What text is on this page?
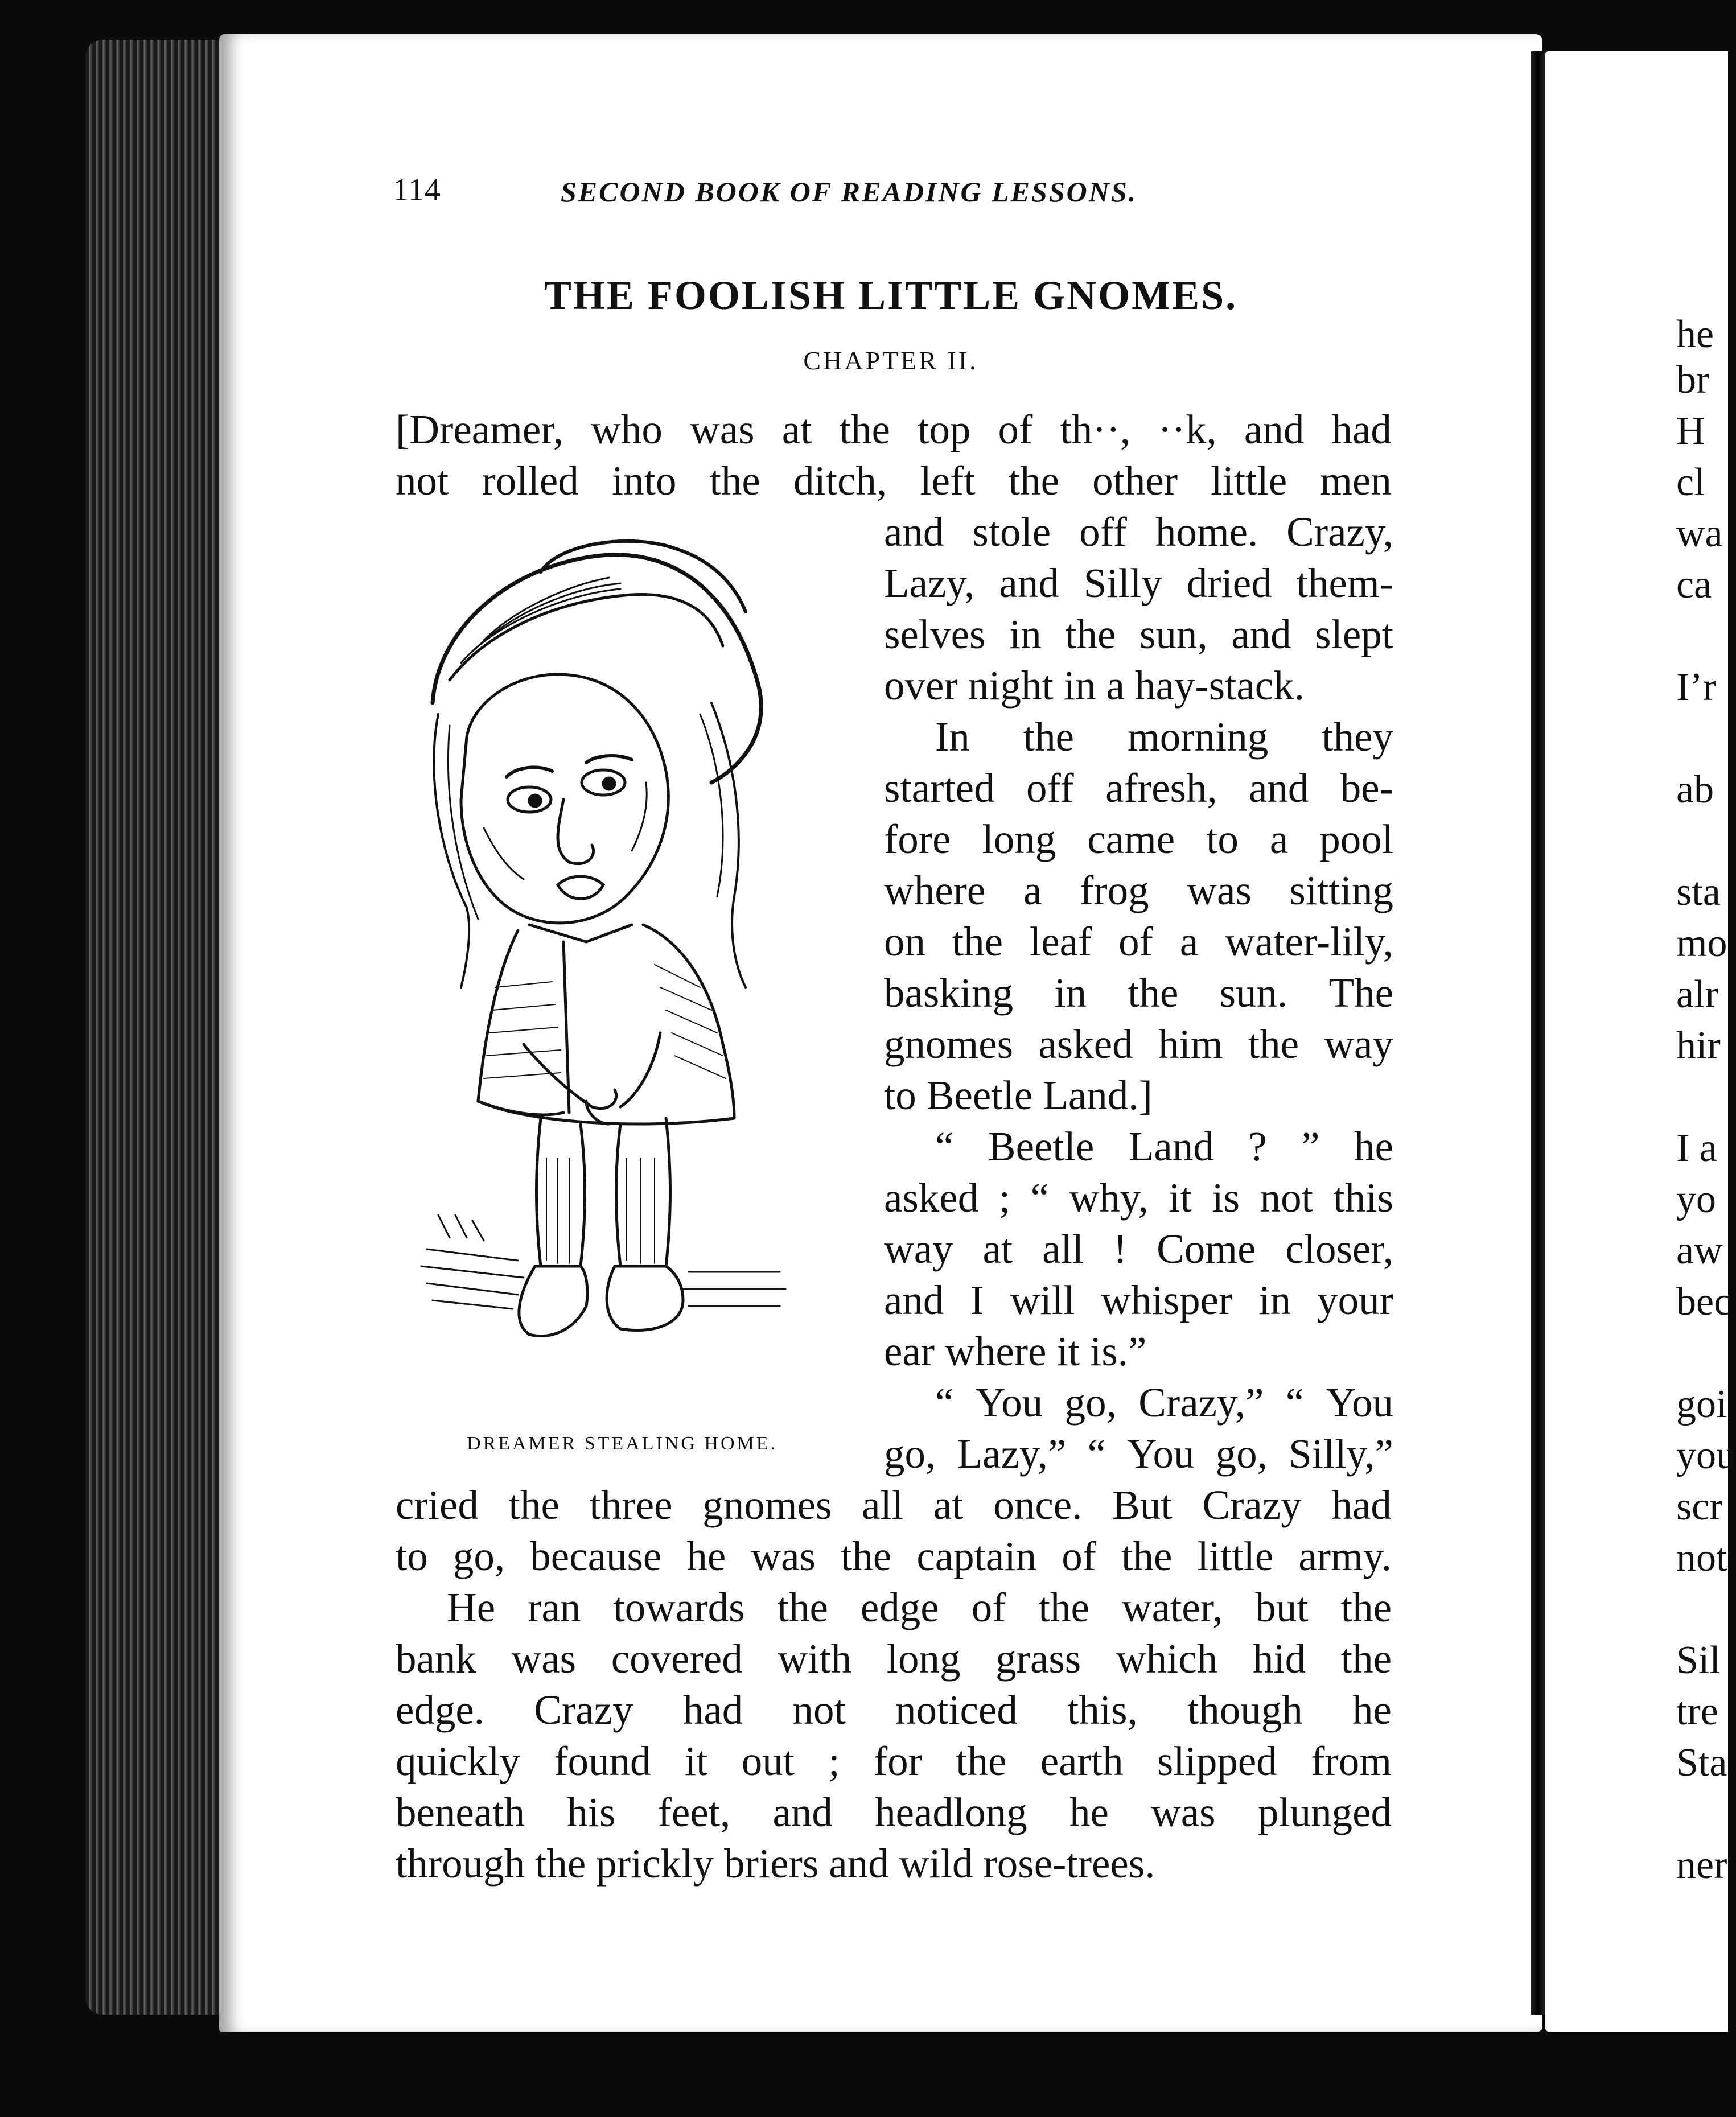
114	SECOND BOOK OF READING LESSONS.
THE FOOLISH LITTLE GNOMES.
CHAPTER II.
[Dreamer, who was at the top of th··, ··k, and had
not rolled into the ditch, left the other little men
and stole off home. Crazy,
Lazy, and Silly dried them-
selves in the sun, and slept
over night in a hay-stack.
In the morning they
started off afresh, and be-
fore long came to a pool
where a frog was sitting
on the leaf of a water-lily,
basking in the sun. The
gnomes asked him the way
to Beetle Land.]
“ Beetle Land ? ” he
asked ; “ why, it is not this
way at all ! Come closer,
and I will whisper in your
ear where it is.”
“ You go, Crazy,” “ You
go, Lazy,” “ You go, Silly,”
cried the three gnomes all at once. But Crazy had
to go, because he was the captain of the little army.
He ran towards the edge of the water, but the
bank was covered with long grass which hid the
edge. Crazy had not noticed this, though he
quickly found it out ; for the earth slipped from
beneath his feet, and headlong he was plunged
through the prickly briers and wild rose-trees.
DREAMER STEALING HOME.
he
br
H
cl
wa
ca
I’r
ab
sta
mo
alr
hir
I a
yo
aw
bec
goi
you
scr
not
Sil
tre
Sta
ner
